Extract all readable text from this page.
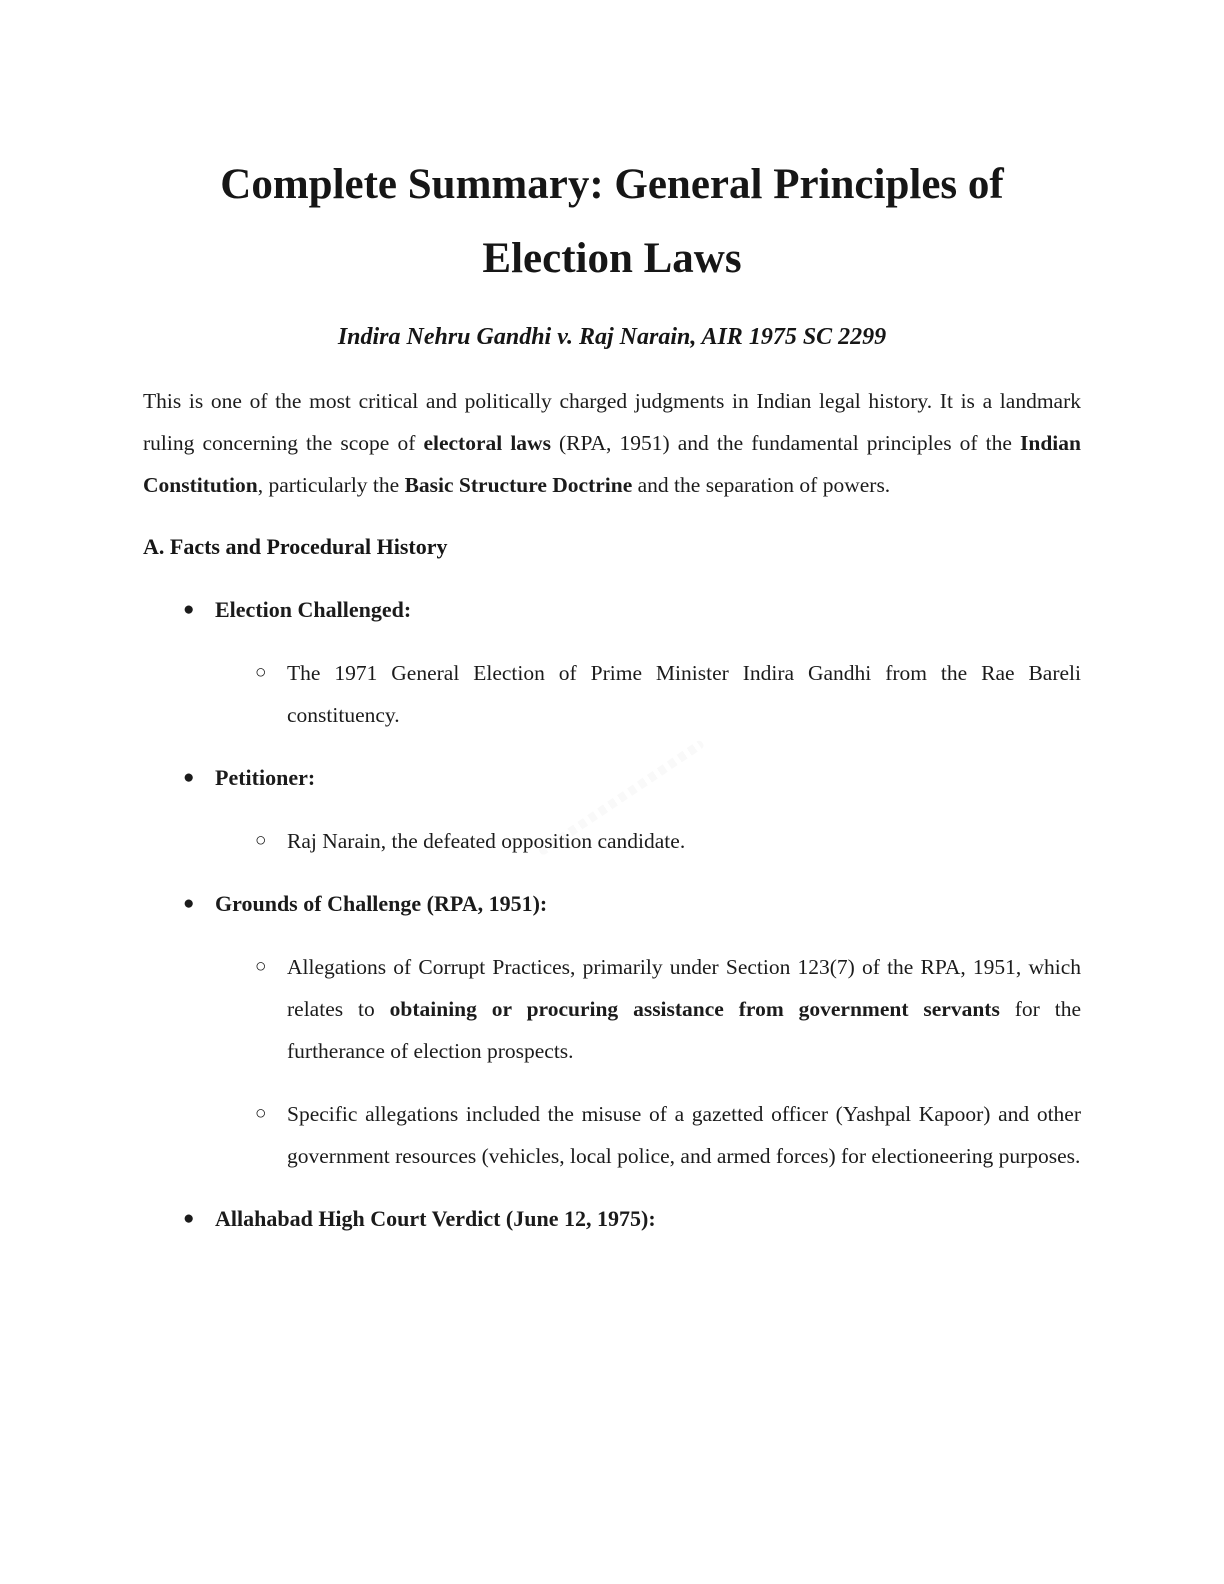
Complete Summary: General Principles of Election Laws

Indira Nehru Gandhi v. Raj Narain, AIR 1975 SC 2299

This is one of the most critical and politically charged judgments in Indian legal history. It is a landmark ruling concerning the scope of electoral laws (RPA, 1951) and the fundamental principles of the Indian Constitution, particularly the Basic Structure Doctrine and the separation of powers.

A. Facts and Procedural History
● Election Challenged:
○ The 1971 General Election of Prime Minister Indira Gandhi from the Rae Bareli constituency.
● Petitioner:
○ Raj Narain, the defeated opposition candidate.
● Grounds of Challenge (RPA, 1951):
○ Allegations of Corrupt Practices, primarily under Section 123(7) of the RPA, 1951, which relates to obtaining or procuring assistance from government servants for the furtherance of election prospects.
○ Specific allegations included the misuse of a gazetted officer (Yashpal Kapoor) and other government resources (vehicles, local police, and armed forces) for electioneering purposes.
● Allahabad High Court Verdict (June 12, 1975):
